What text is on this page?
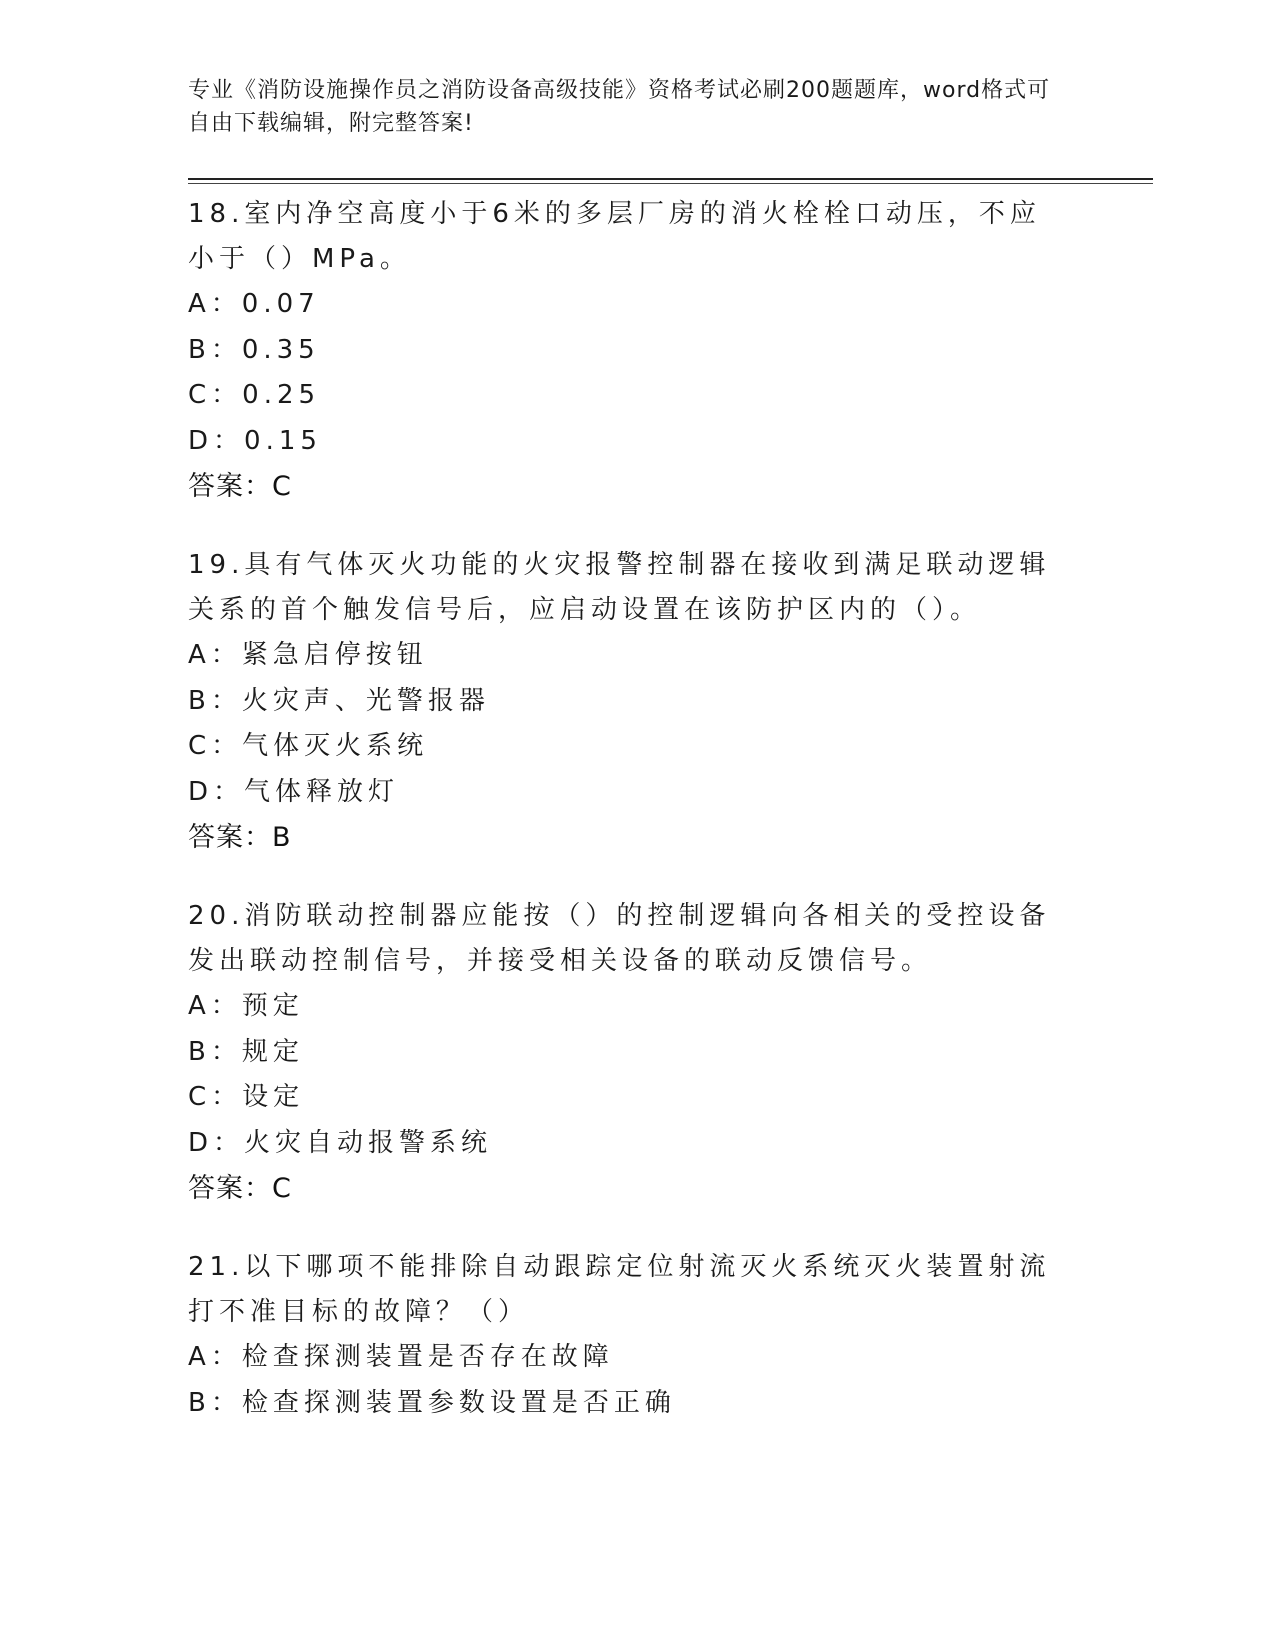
专业《消防设施操作员之消防设备高级技能》资格考试必刷200题题库，word格式可自由下载编辑，附完整答案!

18.室内净空高度小于6米的多层厂房的消火栓栓口动压，不应小于（）MPa。

A：0.07
B：0.35
C：0.25
D：0.15
答案：C

19.具有气体灭火功能的火灾报警控制器在接收到满足联动逻辑关系的首个触发信号后，应启动设置在该防护区内的（）。

A：紧急启停按钮
B：火灾声、光警报器
C：气体灭火系统
D：气体释放灯
答案：B

20.消防联动控制器应能按（）的控制逻辑向各相关的受控设备发出联动控制信号，并接受相关设备的联动反馈信号。

A：预定
B：规定
C：设定
D：火灾自动报警系统
答案：C

21.以下哪项不能排除自动跟踪定位射流灭火系统灭火装置射流打不准目标的故障？（）

A：检查探测装置是否存在故障
B：检查探测装置参数设置是否正确
